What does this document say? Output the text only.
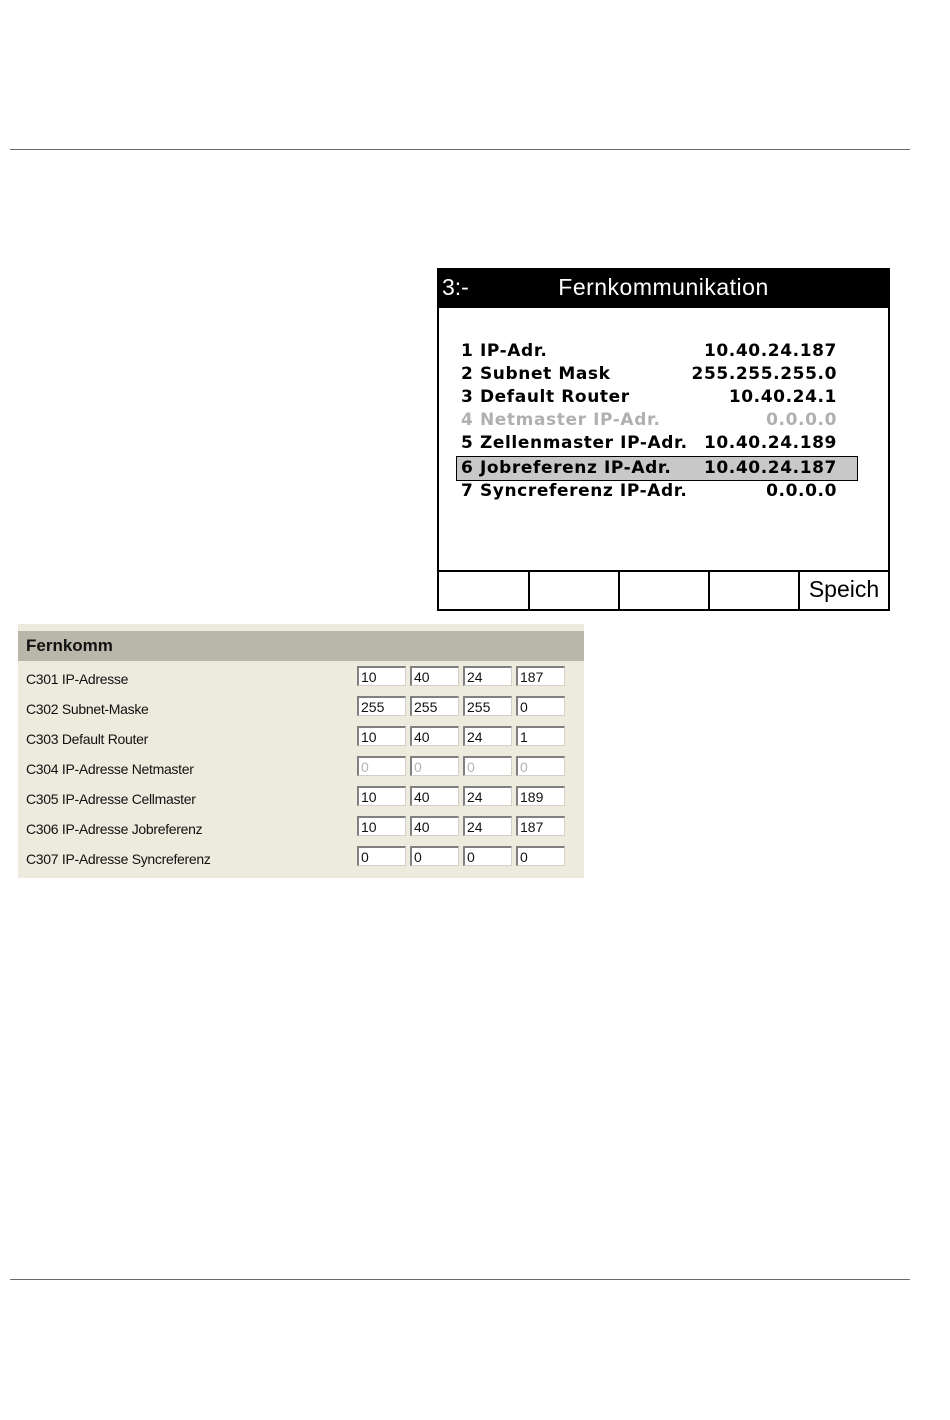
3:-	Fernkommunikation
1 IP-Adr.	10.40.24.187
2 Subnet Mask	255.255.255.0
3 Default Router	10.40.24.1
4 Netmaster IP-Adr.	0.0.0.0
5 Zellenmaster IP-Adr. 10.40.24.189
6 Jobreferenz IP-Adr. 10.40.24.187
7 Syncreferenz IP-Adr.	0.0.0.0
Speich
Fernkomm
C301 IP-Adresse
10
40
24
187
C302 Subnet-Maske
255
255
255
0
C303 Default Router
10
40
24
1
C304 IP-Adresse Netmaster
0
0
0
0
C305 IP-Adresse Cellmaster
10
40
24
189
C306 IP-Adresse Jobreferenz
10
40
24
187
C307 IP-Adresse Syncreferenz
0
0
0
0
